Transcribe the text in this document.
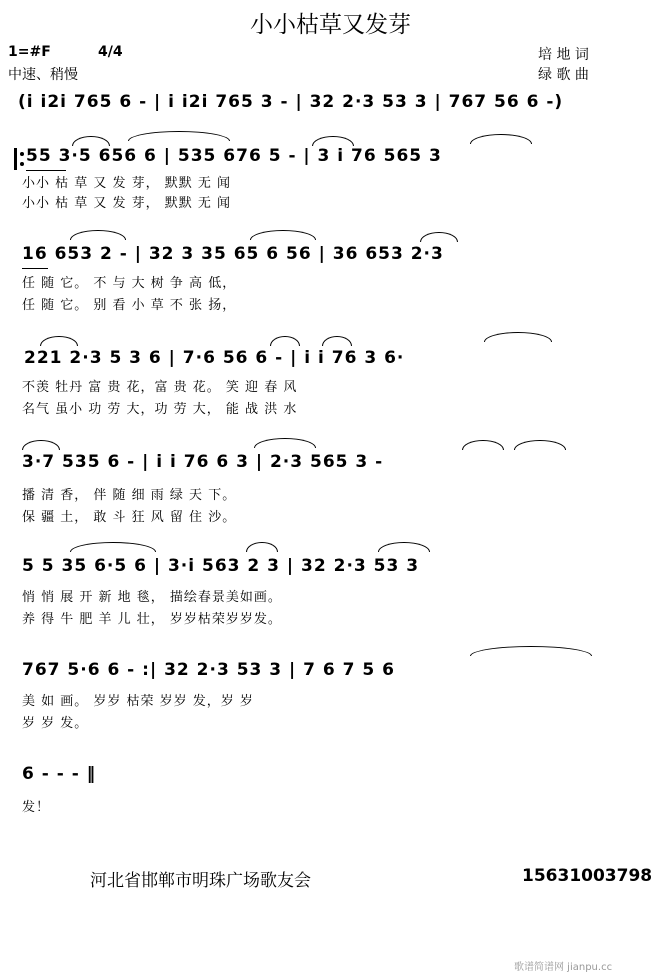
小小枯草又发芽
1=#F	4/4
中速、稍慢
培 地 词
绿 歌 曲
(i i2i 765 6 - | i i2i 765 3 - | 32 2·3 53 3 | 767 56 6 -)
55 3·5 656 6 | 535 676 5 - | 3 i 76 565 3
小小 枯 草 又 发 芽， 默默 无 闻
小小 枯 草 又 发 芽， 默默 无 闻
16 653 2 - | 32 3 35 65 6 56 | 36 653 2·3
任 随 它。 不 与 大 树 争 高 低，
任 随 它。 别 看 小 草 不 张 扬，
221 2·3 5 3 6 | 7·6 56 6 - | i i 76 3 6·
不羡 牡丹 富 贵 花，富 贵 花。 笑 迎 春 风
名气 虽小 功 劳 大，功 劳 大， 能 战 洪 水
3·7 535 6 - | i i 76 6 3 | 2·3 565 3 -
播 清 香， 伴 随 细 雨 绿 天 下。
保 疆 土， 敢 斗 狂 风 留 住 沙。
5 5 35 6·5 6 | 3·i 563 2 3 | 32 2·3 53 3
悄 悄 展 开 新 地 毯， 描绘春景美如画。
养 得 牛 肥 羊 儿 壮， 岁岁枯荣岁岁发。
767 5·6 6 - :| 32 2·3 53 3 | 7 6 7 5 6
美 如 画。 岁岁 枯荣 岁岁 发，岁 岁
岁 岁 发。
6 - - - ‖
发！
河北省邯郸市明珠广场歌友会	15631003798
歌谱简谱网 jianpu.cc
